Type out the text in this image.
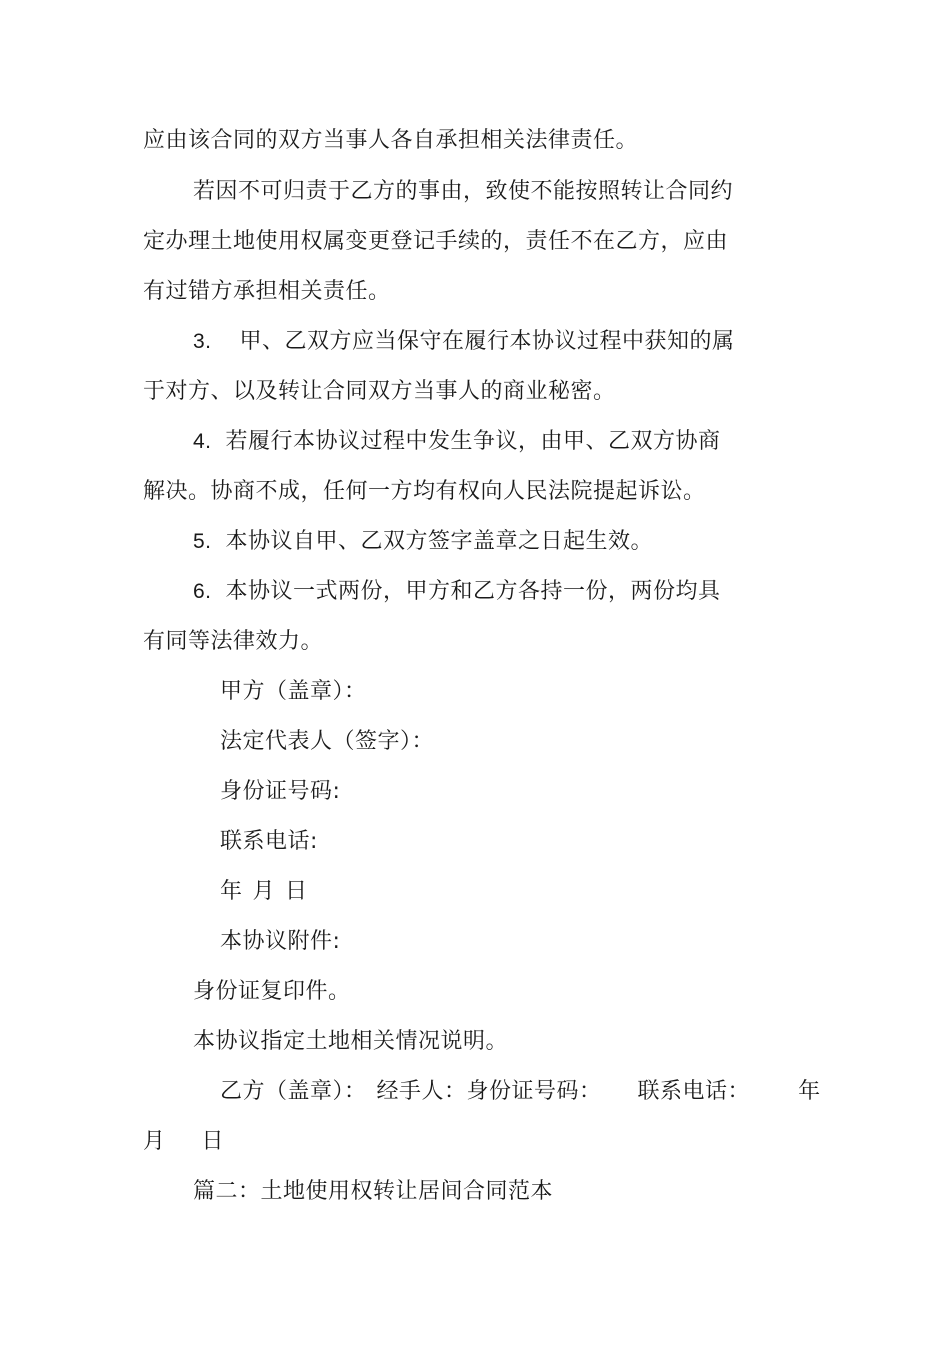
应由该合同的双方当事人各自承担相关法律责任。
若因不可归责于乙方的事由，致使不能按照转让合同约
定办理土地使用权属变更登记手续的，责任不在乙方，应由
有过错方承担相关责任。
3. 甲、乙双方应当保守在履行本协议过程中获知的属
于对方、以及转让合同双方当事人的商业秘密。
4. 若履行本协议过程中发生争议，由甲、乙双方协商
解决。协商不成，任何一方均有权向人民法院提起诉讼。
5. 本协议自甲、乙双方签字盖章之日起生效。
6. 本协议一式两份，甲方和乙方各持一份，两份均具
有同等法律效力。
甲方（盖章）：
法定代表人（签字）：
身份证号码:
联系电话:
年 月 日
本协议附件:
身份证复印件。
本协议指定土地相关情况说明。
乙方（盖章）： 经手人：身份证号码： 联系电话： 年
月 日
篇二：土地使用权转让居间合同范本
